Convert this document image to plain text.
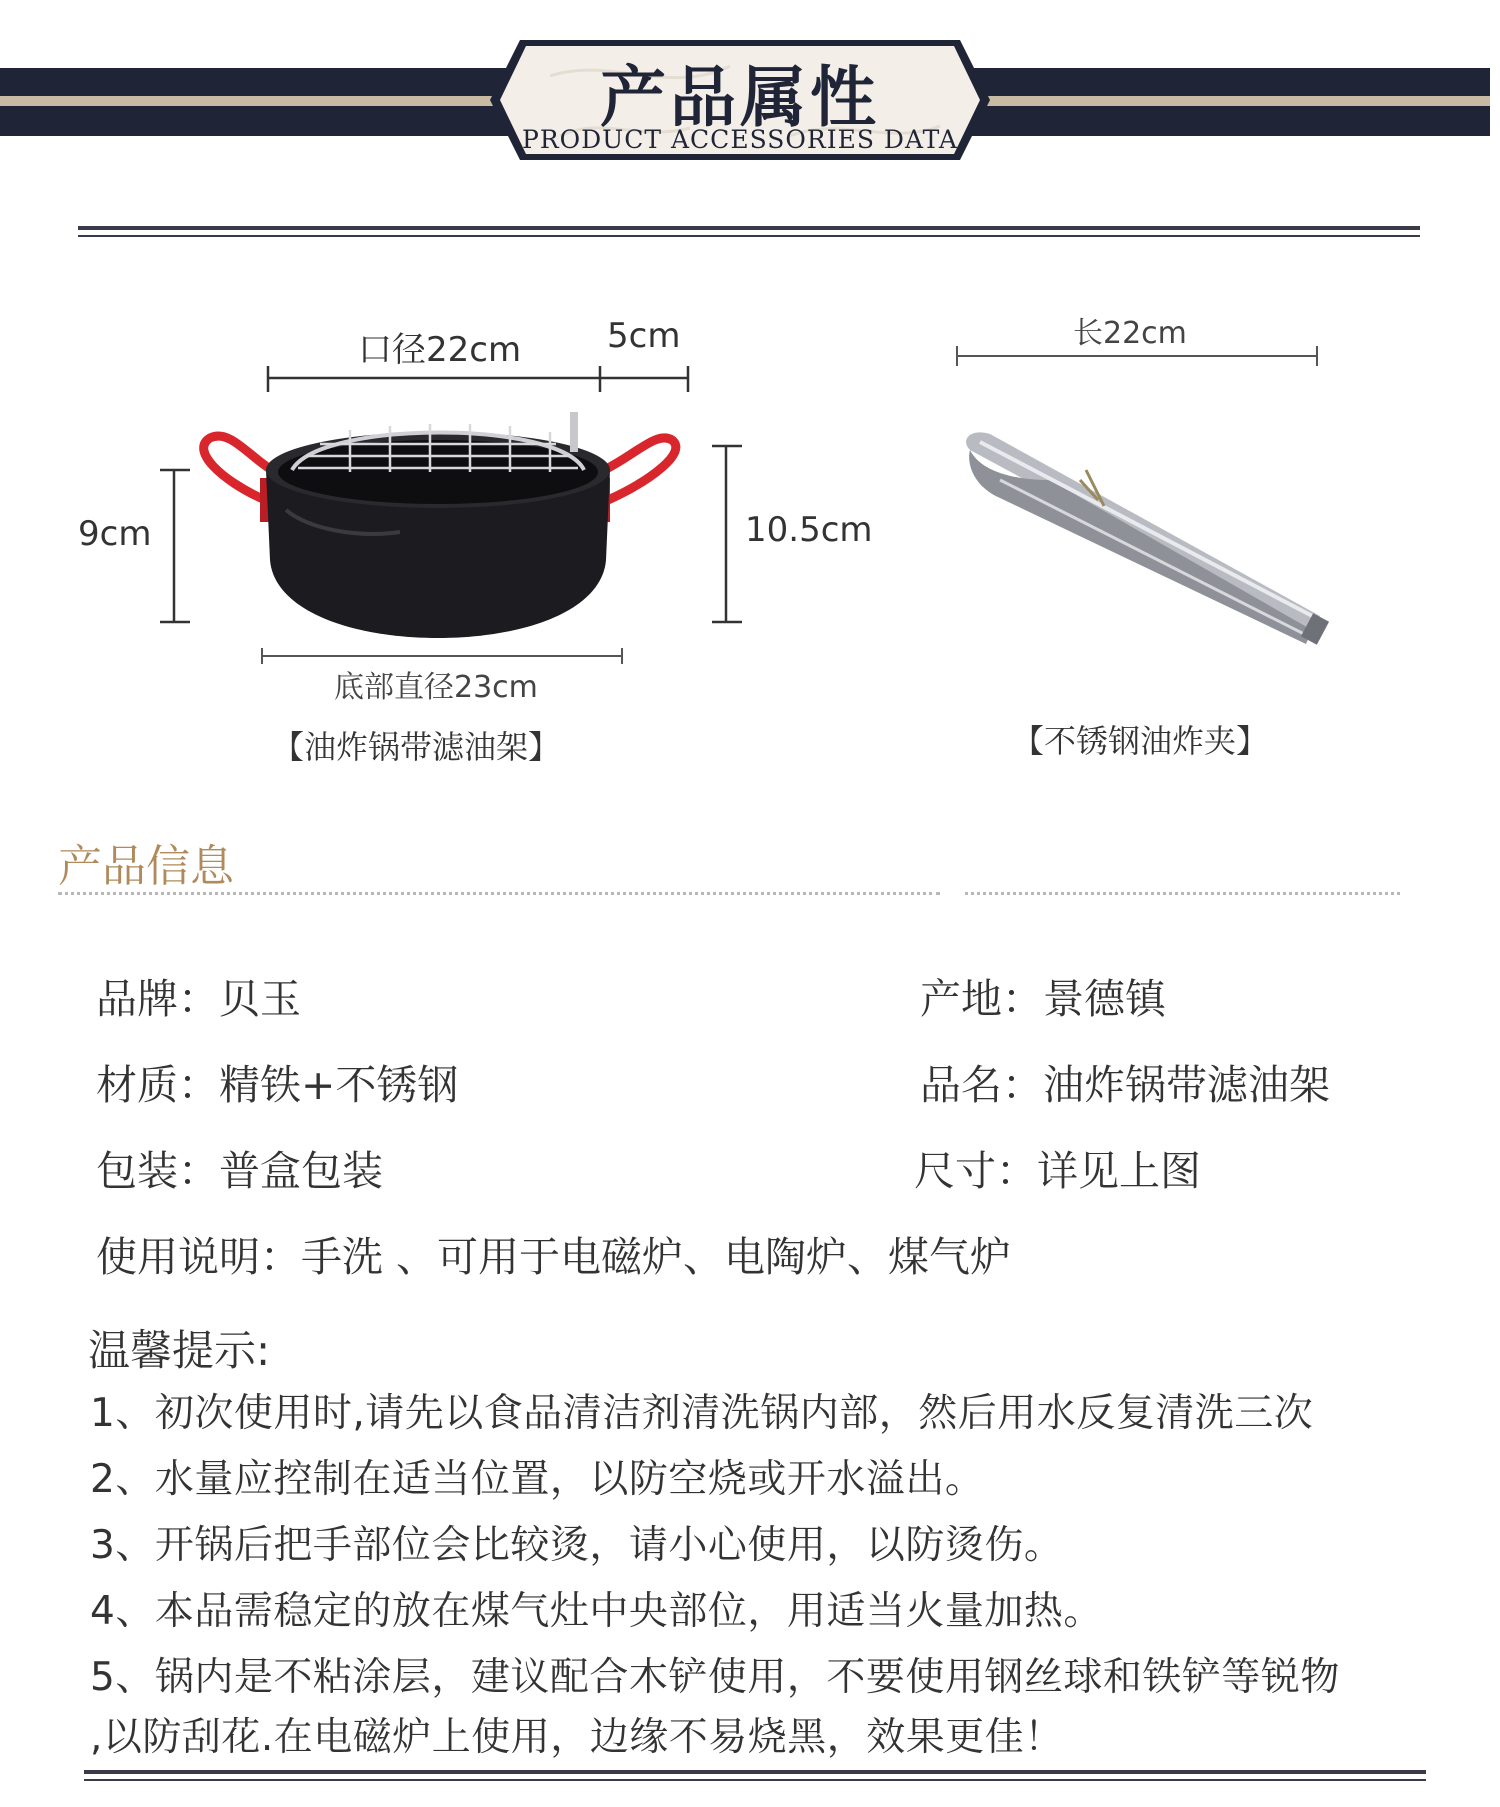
产品属性
PRODUCT ACCESSORIES DATA
口径22cm	5cm
9cm	10.5cm
底部直径23cm
【油炸锅带滤油架】
长22cm
【不锈钢油炸夹】
产品信息
品牌：贝玉
材质：精铁+不锈钢
包装：普盒包装
产地：景德镇
品名：油炸锅带滤油架
尺寸：详见上图
使用说明：手洗 、可用于电磁炉、电陶炉、煤气炉
温馨提示:
1、初次使用时,请先以食品清洁剂清洗锅内部，然后用水反复清洗三次
2、水量应控制在适当位置，以防空烧或开水溢出。
3、开锅后把手部位会比较烫，请小心使用，以防烫伤。
4、本品需稳定的放在煤气灶中央部位，用适当火量加热。
5、锅内是不粘涂层，建议配合木铲使用，不要使用钢丝球和铁铲等锐物
,以防刮花.在电磁炉上使用，边缘不易烧黑，效果更佳！
